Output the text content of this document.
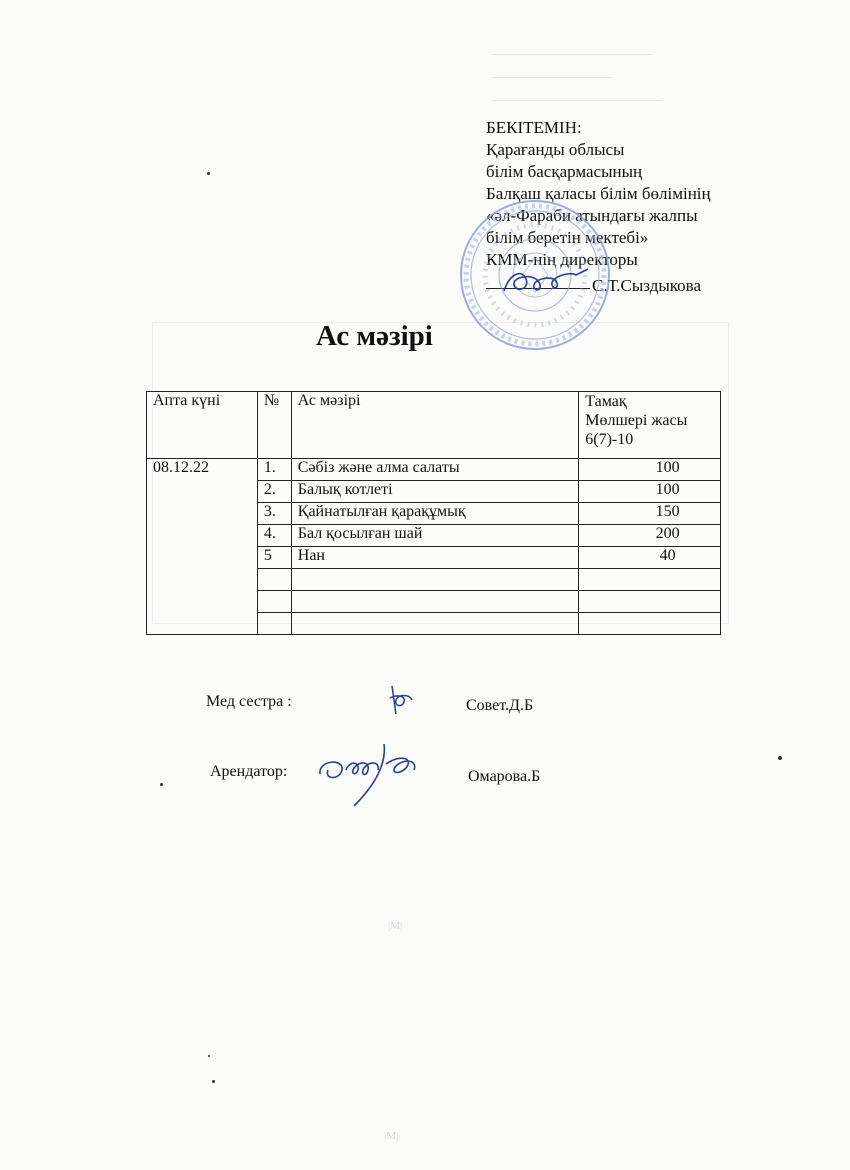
БЕКІТЕМІН:
Қарағанды облысы
білім басқармасының
Балқаш қаласы білім бөлімінің
«әл-Фараби атындағы жалпы
білім беретін мектебі»
КММ-нің директоры
С.Т.Сыздыкова
Ас мәзірі
Апта күні	№	Ас мәзірі	Тамақ
Мөлшері жасы
6(7)-10
08.12.22	1.	Сәбіз және алма салаты	100
	2.	Балық котлеті	100
	3.	Қайнатылған қарақұмық	150
	4.	Бал қосылған шай	200
	5	Нан	40

Мед сестра :	Совет.Д.Б
Арендатор:	Омарова.Б
|M|
|M|
